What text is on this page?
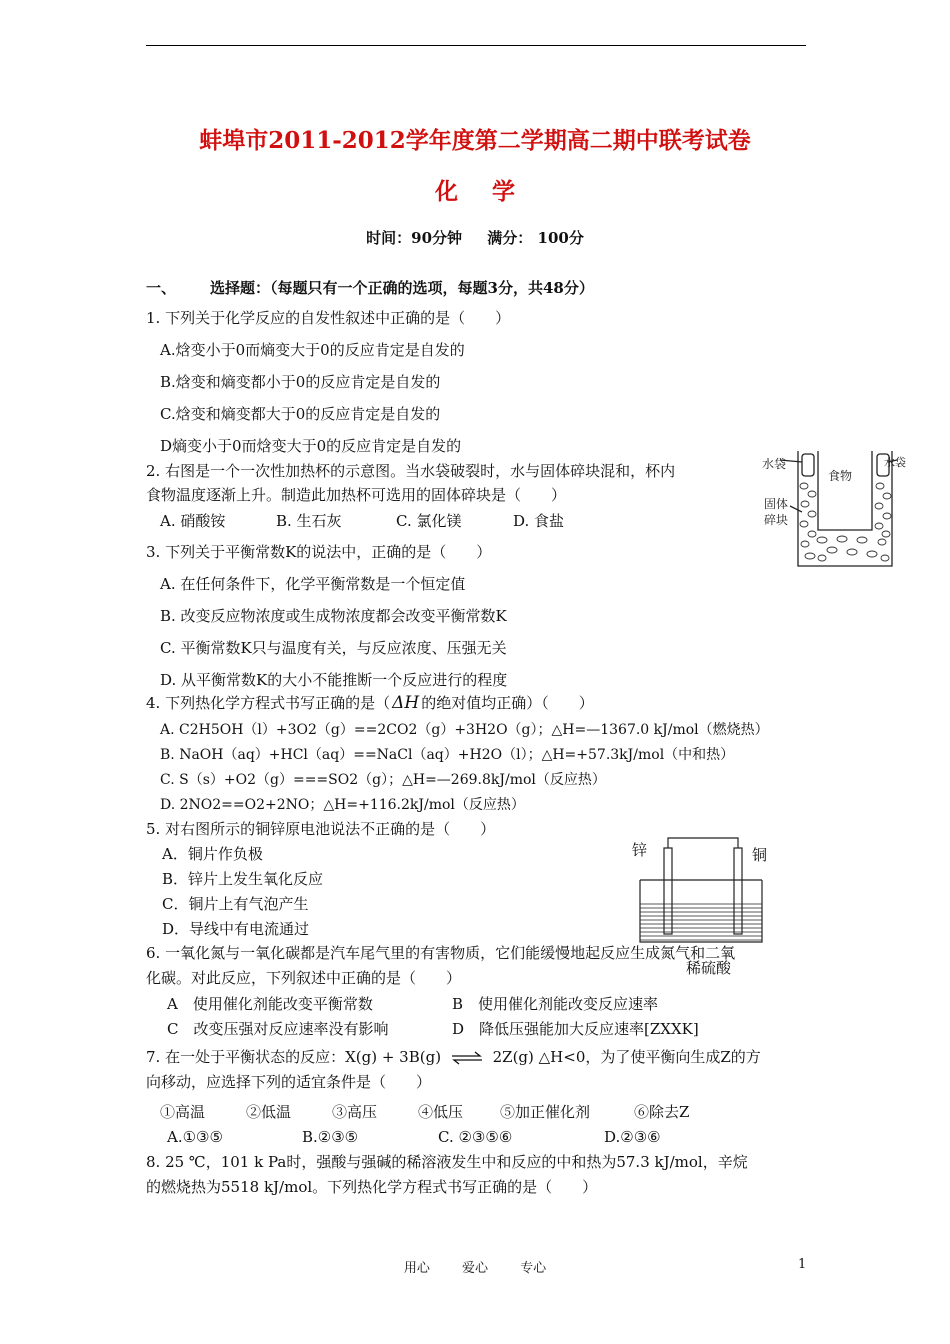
蚌埠市2011-2012学年度第二学期高二期中联考试卷
化学
时间：90分钟 满分： 100分
一、 选择题：（每题只有一个正确的选项，每题3分，共48分）
1. 下列关于化学反应的自发性叙述中正确的是（　　）
A.焓变小于0而熵变大于0的反应肯定是自发的
B.焓变和熵变都小于0的反应肯定是自发的
C.焓变和熵变都大于0的反应肯定是自发的
D熵变小于0而焓变大于0的反应肯定是自发的
2. 右图是一个一次性加热杯的示意图。当水袋破裂时，水与固体碎块混和，杯内
食物温度逐渐上升。制造此加热杯可选用的固体碎块是（　　）
A. 硝酸铵	B. 生石灰	C. 氯化镁	D. 食盐
水袋
食物
水袋
固体
碎块
3. 下列关于平衡常数K的说法中，正确的是（　　）
A. 在任何条件下，化学平衡常数是一个恒定值
B. 改变反应物浓度或生成物浓度都会改变平衡常数K
C. 平衡常数K只与温度有关，与反应浓度、压强无关
D. 从平衡常数K的大小不能推断一个反应进行的程度
4. 下列热化学方程式书写正确的是（ ΔH 的绝对值均正确）（　　）
A. C2H5OH（l）+3O2（g）==2CO2（g）+3H2O（g）；△H=—1367.0 kJ/mol（燃烧热）
B. NaOH（aq）+HCl（aq）==NaCl（aq）+H2O（l）；△H=+57.3kJ/mol（中和热）
C. S（s）+O2（g）===SO2（g）；△H=—269.8kJ/mol（反应热）
D. 2NO2==O2+2NO；△H=+116.2kJ/mol（反应热）
5. 对右图所示的铜锌原电池说法不正确的是（　　）
A．铜片作负极
B．锌片上发生氧化反应
C．铜片上有气泡产生
D．导线中有电流通过
锌	铜
稀硫酸
6. 一氧化氮与一氧化碳都是汽车尾气里的有害物质，它们能缓慢地起反应生成氮气和二氧
化碳。对此反应，下列叙述中正确的是（　　）
A　使用催化剂能改变平衡常数	B　使用催化剂能改变反应速率
C　改变压强对反应速率没有影响	D　降低压强能加大反应速率[ZXXK]
7. 在一处于平衡状态的反应：X(g) + 3B(g) ⇌ 2Z(g) △H<0，为了使平衡向生成Z的方
向移动，应选择下列的适宜条件是（　　）
①高温	②低温	③高压	④低压 ⑤加正催化剂	⑥除去Z
A.①③⑤	B.②③⑤	C. ②③⑤⑥	D.②③⑥
8. 25 ℃，101 k Pa时，强酸与强碱的稀溶液发生中和反应的中和热为57.3 kJ/mol，辛烷
的燃烧热为5518 kJ/mol。下列热化学方程式书写正确的是（　　）
用心 爱心 专心	1
